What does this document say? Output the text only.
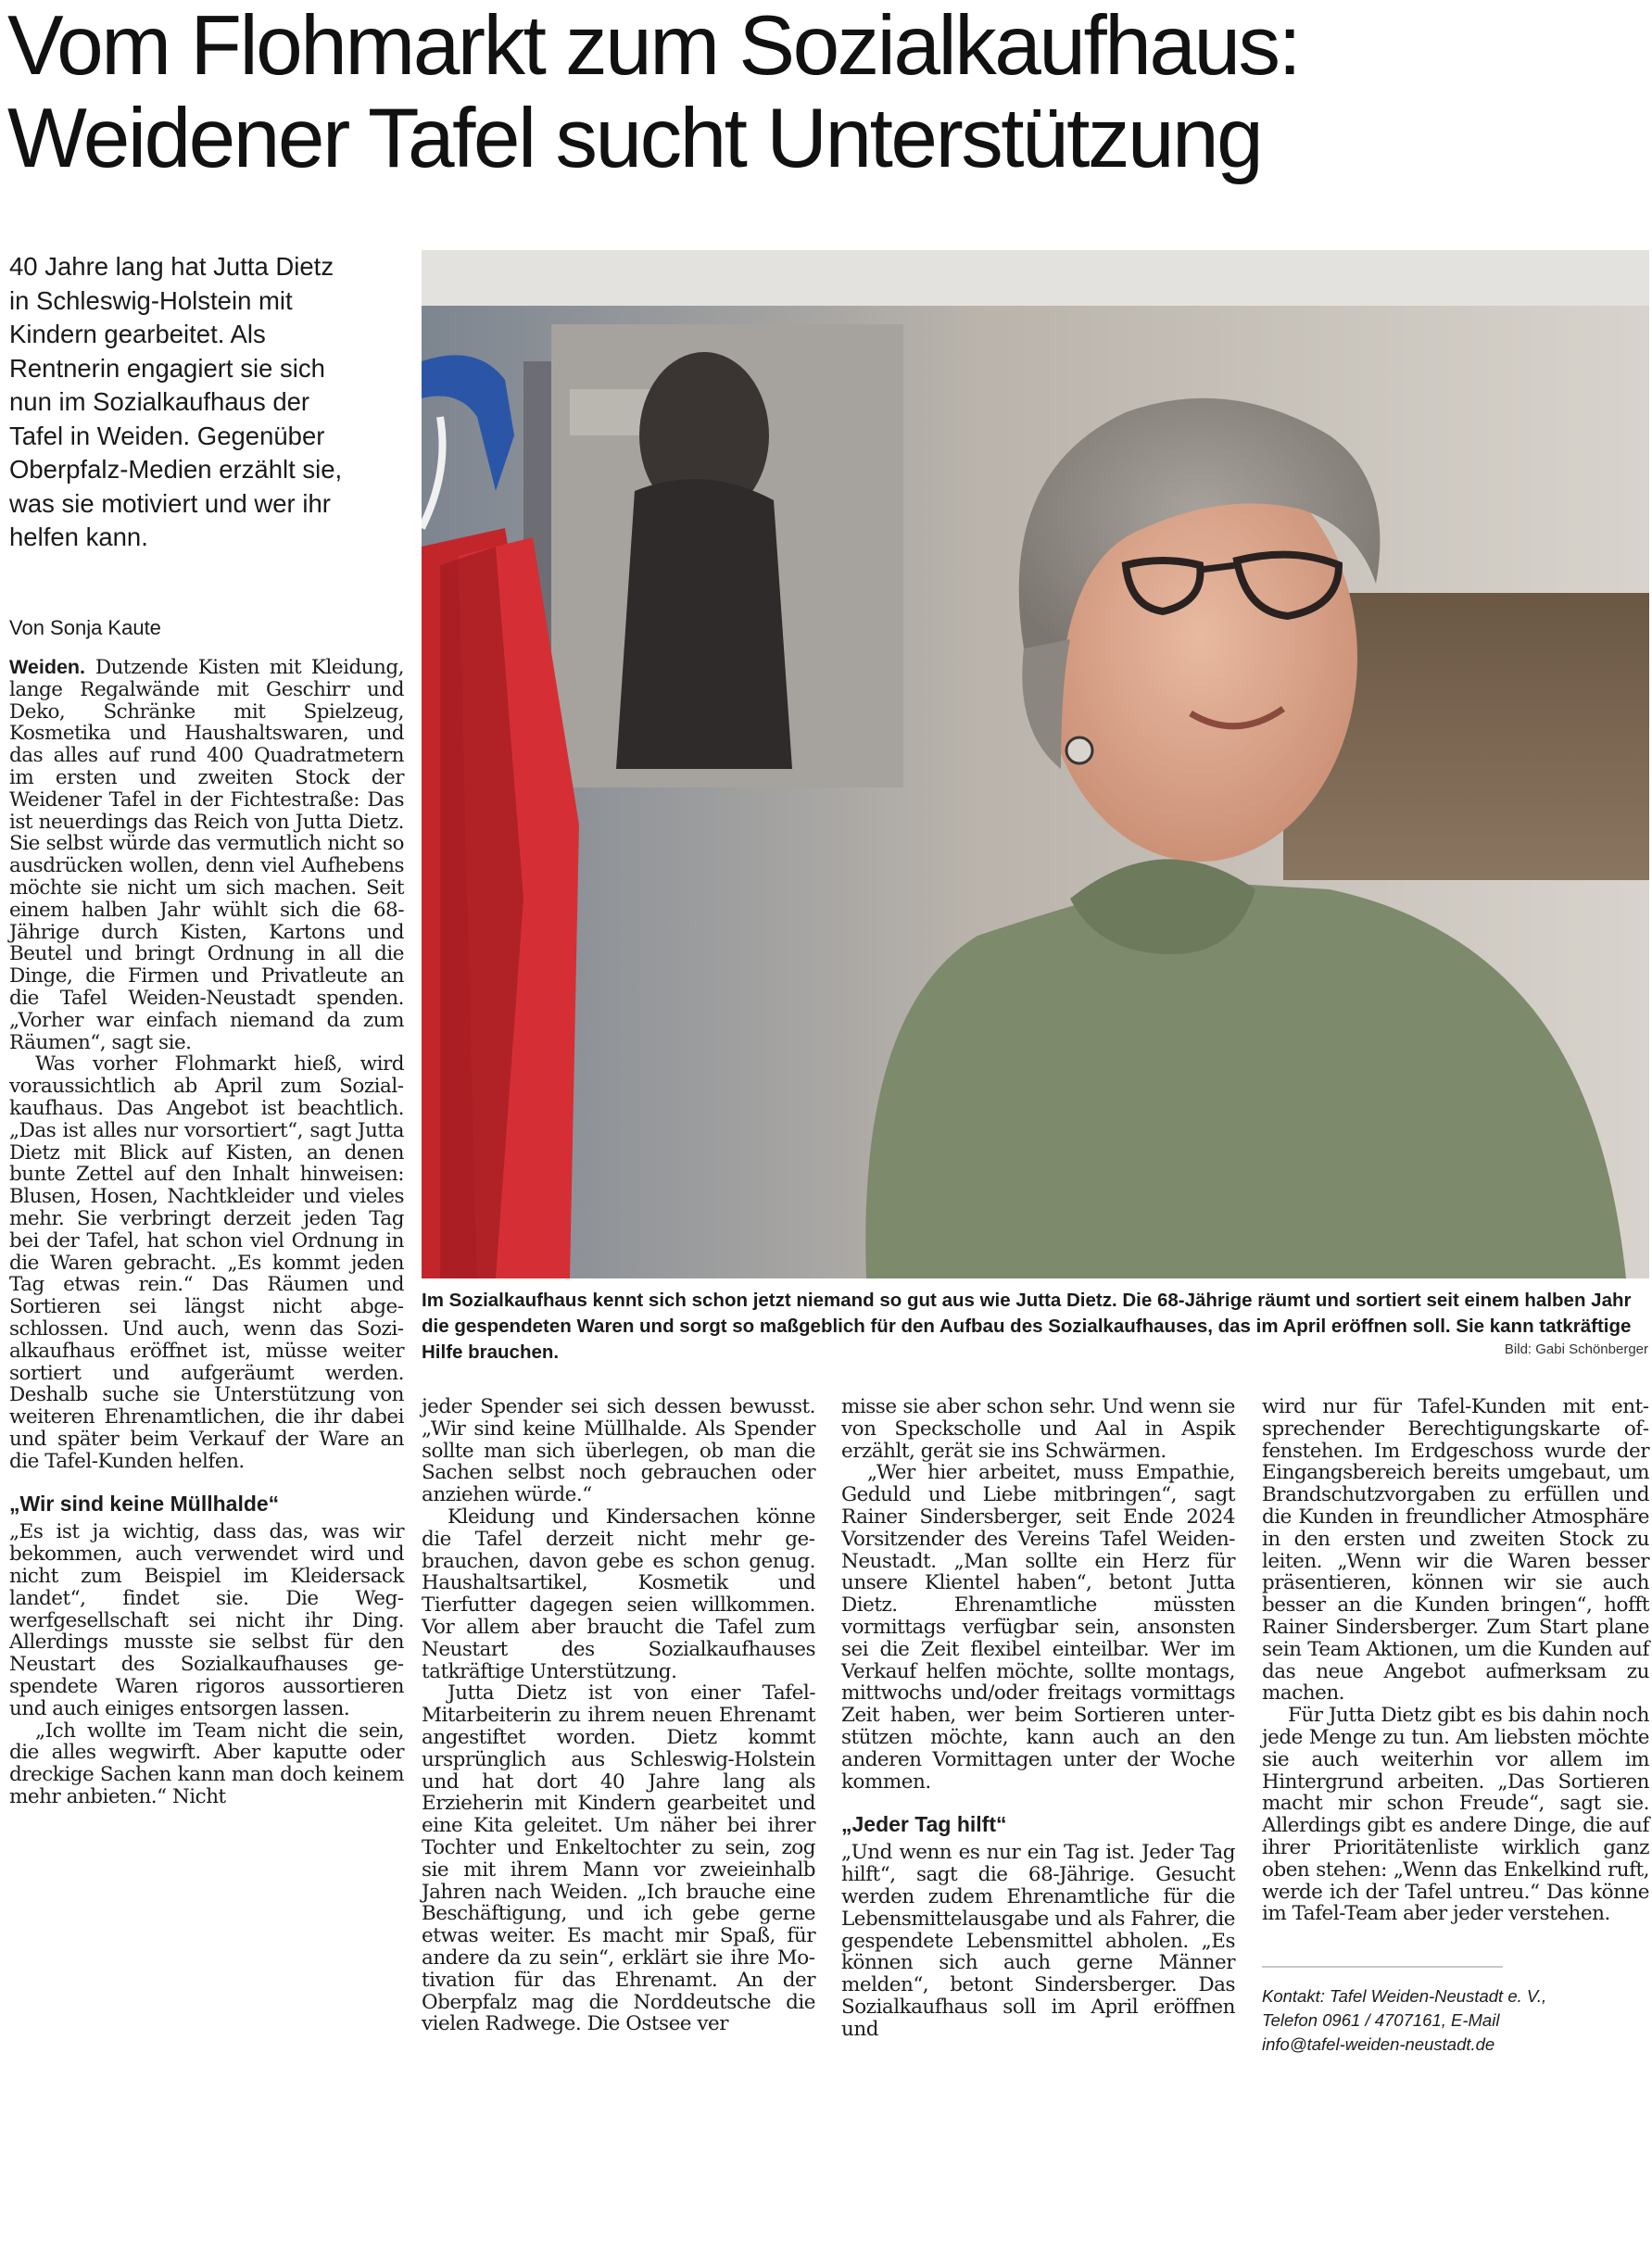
Vom Flohmarkt zum Sozialkaufhaus:
Weidener Tafel sucht Unterstützung

40 Jahre lang hat Jutta Dietz
in Schleswig-Holstein mit
Kindern gearbeitet. Als
Rentnerin engagiert sie sich
nun im Sozialkaufhaus der
Tafel in Weiden. Gegenüber
Oberpfalz-Medien erzählt sie,
was sie motiviert und wer ihr
helfen kann.

Von Sonja Kaute
Im Sozialkaufhaus kennt sich schon jetzt niemand so gut aus wie Jutta Dietz. Die 68-Jährige räumt und sortiert seit einem halben Jahr die gespendeten Waren und sorgt so maßgeblich für den Aufbau des Sozialkaufhauses, das im April eröffnen soll. Sie kann tatkräftige Hilfe brauchen.	Bild: Gabi Schönberger

Weiden. Dutzende Kisten mit Kleidung, lange Regalwände mit Geschirr und Deko, Schränke mit Spielzeug, Kosmetika und Haushaltswaren, und das alles auf rund 400 Quadratmetern im ersten und zweiten Stock der Weidener Tafel in der Fichtestraße: Das ist neuerdings das Reich von Jutta Dietz. Sie selbst würde das vermutlich nicht so ausdrücken wollen, denn viel Aufhebens möchte sie nicht um sich machen. Seit einem halben Jahr wühlt sich die 68-Jährige durch Kisten, Kartons und Beutel und bringt Ordnung in all die Dinge, die Firmen und Privatleute an die Tafel Weiden-Neustadt spenden. „Vorher war einfach niemand da zum Räumen“, sagt sie.

Was vorher Flohmarkt hieß, wird voraussichtlich ab April zum Sozialkaufhaus. Das Angebot ist beachtlich. „Das ist alles nur vorsortiert“, sagt Jutta Dietz mit Blick auf Kisten, an denen bunte Zettel auf den Inhalt hinweisen: Blusen, Hosen, Nachtkleider und vieles mehr. Sie verbringt derzeit jeden Tag bei der Tafel, hat schon viel Ordnung in die Waren gebracht. „Es kommt jeden Tag etwas rein.“ Das Räumen und Sortieren sei längst nicht abgeschlossen. Und auch, wenn das Sozialkaufhaus eröffnet ist, müsse weiter sortiert und aufgeräumt werden. Deshalb suche sie Unterstützung von weiteren Ehrenamtlichen, die ihr dabei und später beim Verkauf der Ware an die Tafel-Kunden helfen.

„Wir sind keine Müllhalde“

„Es ist ja wichtig, dass das, was wir bekommen, auch verwendet wird und nicht zum Beispiel im Kleidersack landet“, findet sie. Die Wegwerfgesellschaft sei nicht ihr Ding. Allerdings musste sie selbst für den Neustart des Sozialkaufhauses gespendete Waren rigoros aussortieren und auch einiges entsorgen lassen.

„Ich wollte im Team nicht die sein, die alles wegwirft. Aber kaputte oder dreckige Sachen kann man doch keinem mehr anbieten.“ Nicht

jeder Spender sei sich dessen bewusst. „Wir sind keine Müllhalde. Als Spender sollte man sich überlegen, ob man die Sachen selbst noch gebrauchen oder anziehen würde.“

Kleidung und Kindersachen könne die Tafel derzeit nicht mehr gebrauchen, davon gebe es schon genug. Haushaltsartikel, Kosmetik und Tierfutter dagegen seien willkommen. Vor allem aber braucht die Tafel zum Neustart des Sozialkaufhauses tatkräftige Unterstützung.

Jutta Dietz ist von einer Tafel-Mitarbeiterin zu ihrem neuen Ehrenamt angestiftet worden. Dietz kommt ursprünglich aus Schleswig-Holstein und hat dort 40 Jahre lang als Erzieherin mit Kindern gearbeitet und eine Kita geleitet. Um näher bei ihrer Tochter und Enkeltochter zu sein, zog sie mit ihrem Mann vor zweieinhalb Jahren nach Weiden. „Ich brauche eine Beschäftigung, und ich gebe gerne etwas weiter. Es macht mir Spaß, für andere da zu sein“, erklärt sie ihre Motivation für das Ehrenamt. An der Oberpfalz mag die Norddeutsche die vielen Radwege. Die Ostsee ver

misse sie aber schon sehr. Und wenn sie von Speckscholle und Aal in Aspik erzählt, gerät sie ins Schwärmen.

„Wer hier arbeitet, muss Empathie, Geduld und Liebe mitbringen“, sagt Rainer Sindersberger, seit Ende 2024 Vorsitzender des Vereins Tafel Weiden-Neustadt. „Man sollte ein Herz für unsere Klientel haben“, betont Jutta Dietz. Ehrenamtliche müssten vormittags verfügbar sein, ansonsten sei die Zeit flexibel einteilbar. Wer im Verkauf helfen möchte, sollte montags, mittwochs und/oder freitags vormittags Zeit haben, wer beim Sortieren unterstützen möchte, kann auch an den anderen Vormittagen unter der Woche kommen.

„Jeder Tag hilft“

„Und wenn es nur ein Tag ist. Jeder Tag hilft“, sagt die 68-Jährige. Gesucht werden zudem Ehrenamtliche für die Lebensmittelausgabe und als Fahrer, die gespendete Lebensmittel abholen. „Es können sich auch gerne Männer melden“, betont Sindersberger. Das Sozialkaufhaus soll im April eröffnen und

wird nur für Tafel-Kunden mit entsprechender Berechtigungskarte offenstehen. Im Erdgeschoss wurde der Eingangsbereich bereits umgebaut, um Brandschutzvorgaben zu erfüllen und die Kunden in freundlicher Atmosphäre in den ersten und zweiten Stock zu leiten. „Wenn wir die Waren besser präsentieren, können wir sie auch besser an die Kunden bringen“, hofft Rainer Sindersberger. Zum Start plane sein Team Aktionen, um die Kunden auf das neue Angebot aufmerksam zu machen.

Für Jutta Dietz gibt es bis dahin noch jede Menge zu tun. Am liebsten möchte sie auch weiterhin vor allem im Hintergrund arbeiten. „Das Sortieren macht mir schon Freude“, sagt sie. Allerdings gibt es andere Dinge, die auf ihrer Prioritätenliste wirklich ganz oben stehen: „Wenn das Enkelkind ruft, werde ich der Tafel untreu.“ Das könne im Tafel-Team aber jeder verstehen.

Kontakt: Tafel Weiden-Neustadt e. V.,
Telefon 0961 / 4707161, E-Mail
info@tafel-weiden-neustadt.de
